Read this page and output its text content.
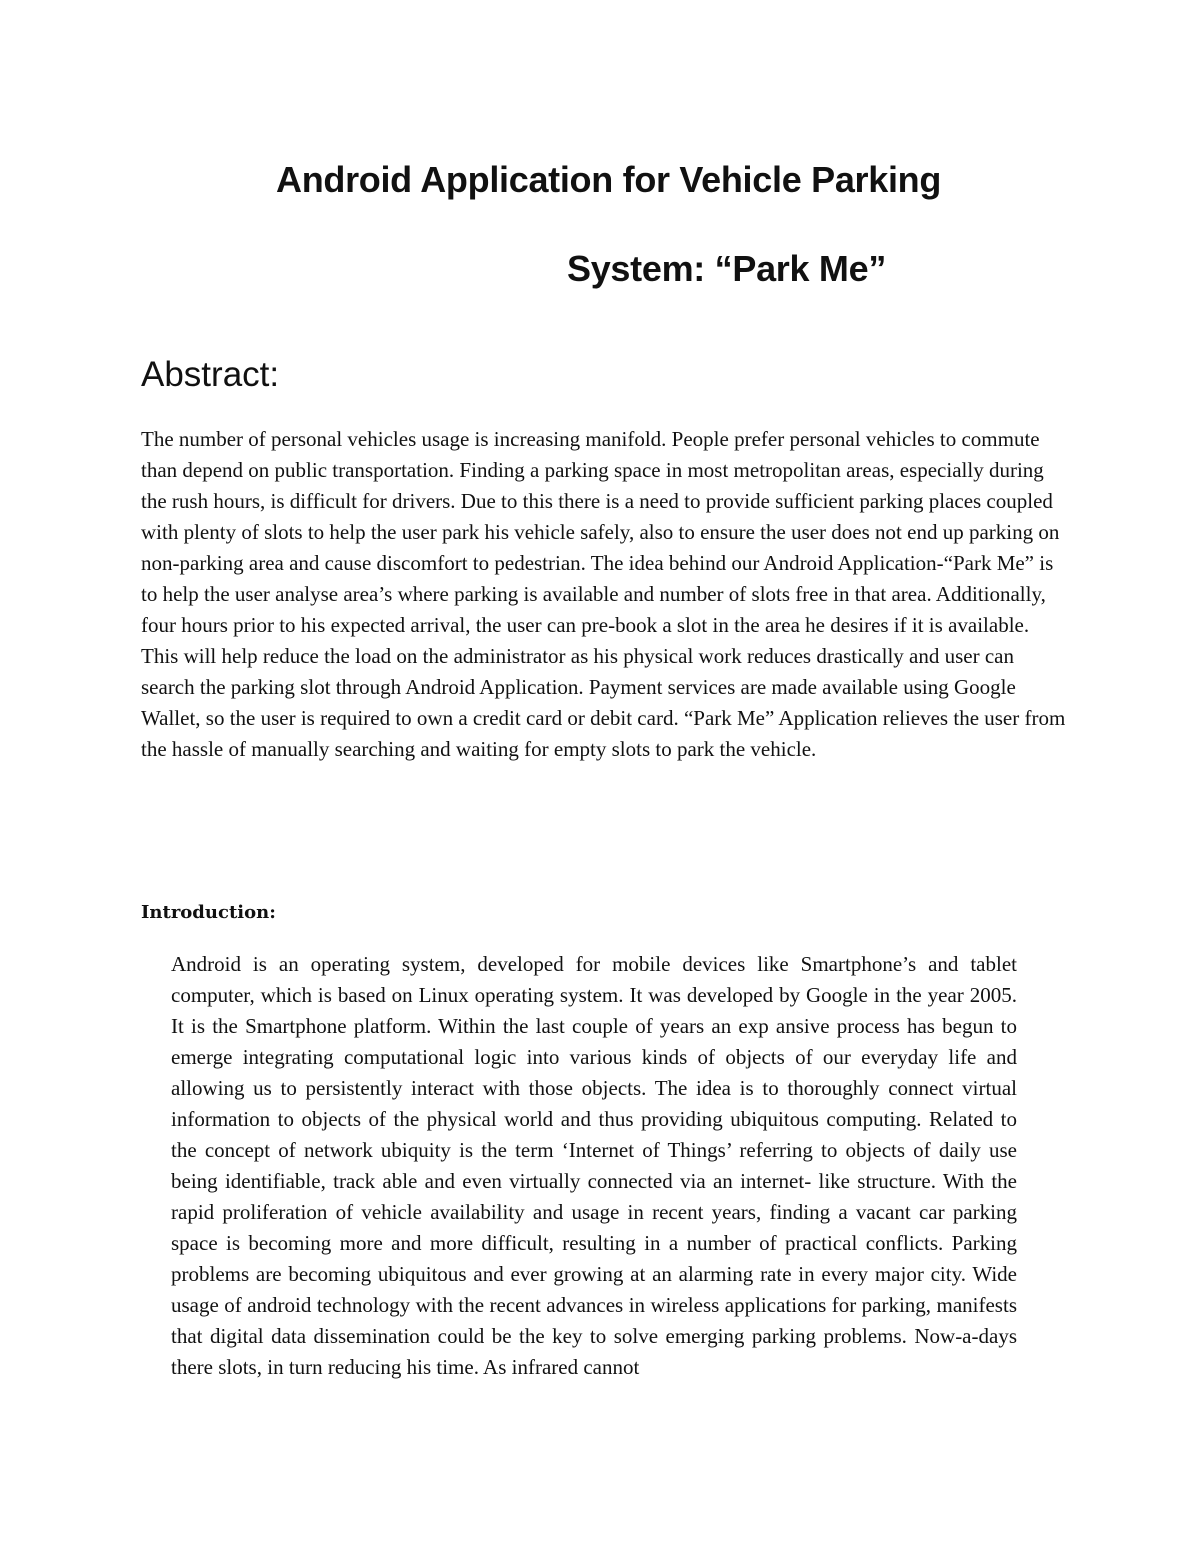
Android Application for Vehicle Parking
System: “Park Me”
Abstract:

The number of personal vehicles usage is increasing manifold. People prefer personal vehicles to commute than depend on public transportation. Finding a parking space in most metropolitan areas, especially during the rush hours, is difficult for drivers. Due to this there is a need to provide sufficient parking places coupled with plenty of slots to help the user park his vehicle safely, also to ensure the user does not end up parking on non-parking area and cause discomfort to pedestrian. The idea behind our Android Application-“Park Me” is to help the user analyse area’s where parking is available and number of slots free in that area. Additionally, four hours prior to his expected arrival, the user can pre-book a slot in the area he desires if it is available. This will help reduce the load on the administrator as his physical work reduces drastically and user can search the parking slot through Android Application. Payment services are made available using Google Wallet, so the user is required to own a credit card or debit card. “Park Me” Application relieves the user from the hassle of manually searching and waiting for empty slots to park the vehicle.

Introduction:

Android is an operating system, developed for mobile devices like Smartphone’s and tablet computer, which is based on Linux operating system. It was developed by Google in the year 2005. It is the Smartphone platform. Within the last couple of years an exp ansive process has begun to emerge integrating computational logic into various kinds of objects of our everyday life and allowing us to persistently interact with those objects. The idea is to thoroughly connect virtual information to objects of the physical world and thus providing ubiquitous computing. Related to the concept of network ubiquity is the term ‘Internet of Things’ referring to objects of daily use being identifiable, track able and even virtually connected via an internet- like structure. With the rapid proliferation of vehicle availability and usage in recent years, finding a vacant car parking space is becoming more and more difficult, resulting in a number of practical conflicts. Parking problems are becoming ubiquitous and ever growing at an alarming rate in every major city. Wide usage of android technology with the recent advances in wireless applications for parking, manifests that digital data dissemination could be the key to solve emerging parking problems. Now-a-days there slots, in turn reducing his time. As infrared cannot
